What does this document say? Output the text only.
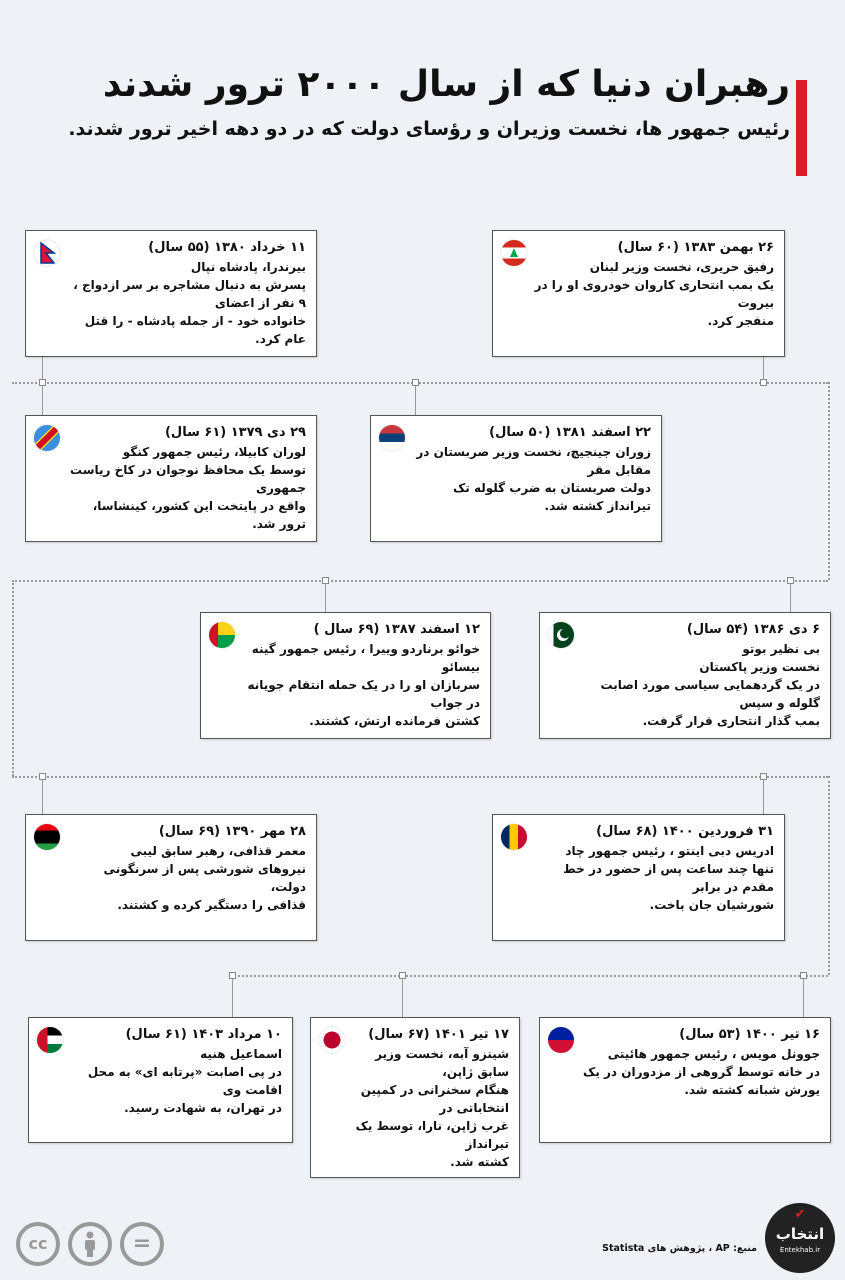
رهبران دنیا که از سال ۲۰۰۰ ترور شدند
رئیس جمهور ها، نخست وزیران و رؤسای دولت که در دو دهه اخیر ترور شدند.
۱۱ خرداد ۱۳۸۰ (۵۵ سال)
بیرندرا، پادشاه نپال
پسرش به دنبال مشاجره بر سر ازدواج ، ۹ نفر از اعضای
خانواده خود - از جمله پادشاه - را قتل عام کرد.
۲۶ بهمن ۱۳۸۳ (۶۰ سال)
رفیق حریری، نخست وزیر لبنان
یک بمب انتحاری کاروان خودروی او را در بیروت
منفجر کرد.
۲۹ دی ۱۳۷۹ (۶۱ سال)
لوران کابیلا، رئیس جمهور کنگو
توسط یک محافظ نوجوان در کاخ ریاست جمهوری
واقع در پایتخت این کشور، کینشاسا، ترور شد.
۲۲ اسفند ۱۳۸۱ (۵۰ سال)
زوران جینجیچ، نخست وزیر صربستان در مقابل مقر
دولت صربستان به ضرب گلوله تک تیرانداز کشته شد.
۱۲ اسفند ۱۳۸۷ (۶۹ سال )
خوائو برناردو ویيرا ، رئیس جمهور گینه بیسائو
سربازان او را در یک حمله انتقام جویانه در جواب
کشتن فرمانده ارتش، کشتند.
۶ دی ۱۳۸۶ (۵۴ سال)
بی نظیر بوتو
نخست وزیر پاکستان
در یک گردهمایی سیاسی مورد اصابت گلوله و سپس
بمب گذار انتحاری قرار گرفت.
۲۸ مهر ۱۳۹۰ (۶۹ سال)
معمر قذافی، رهبر سابق لیبی
نیروهای شورشی پس از سرنگونی دولت،
قذافی را دستگیر کرده و کشتند.
۳۱ فروردین ۱۴۰۰ (۶۸ سال)
ادریس دبی اینتو ، رئیس جمهور چاد
تنها چند ساعت پس از حضور در خط مقدم در برابر
شورشیان جان باخت.
۱۰ مرداد ۱۴۰۳ (۶۱ سال)
اسماعیل هنیه
در پی اصابت «پرتابه ای» به محل اقامت وی
در تهران، به شهادت رسید.
۱۷ تیر ۱۴۰۱ (۶۷ سال)
شینزو آبه، نخست وزیر سابق ژاپن،
هنگام سخنرانی در کمپین انتخاباتی در
غرب ژاپن، نارا، توسط یک تیرانداز
کشته شد.
۱۶ تیر ۱۴۰۰ (۵۳ سال)
جوونل مویس ، رئیس جمهور هائیتی
در خانه توسط گروهی از مزدوران در یک
یورش شبانه کشته شد.
cc	=	منبع: AP ، پژوهش های Statista
✔
انتخاب
Entekhab.ir
